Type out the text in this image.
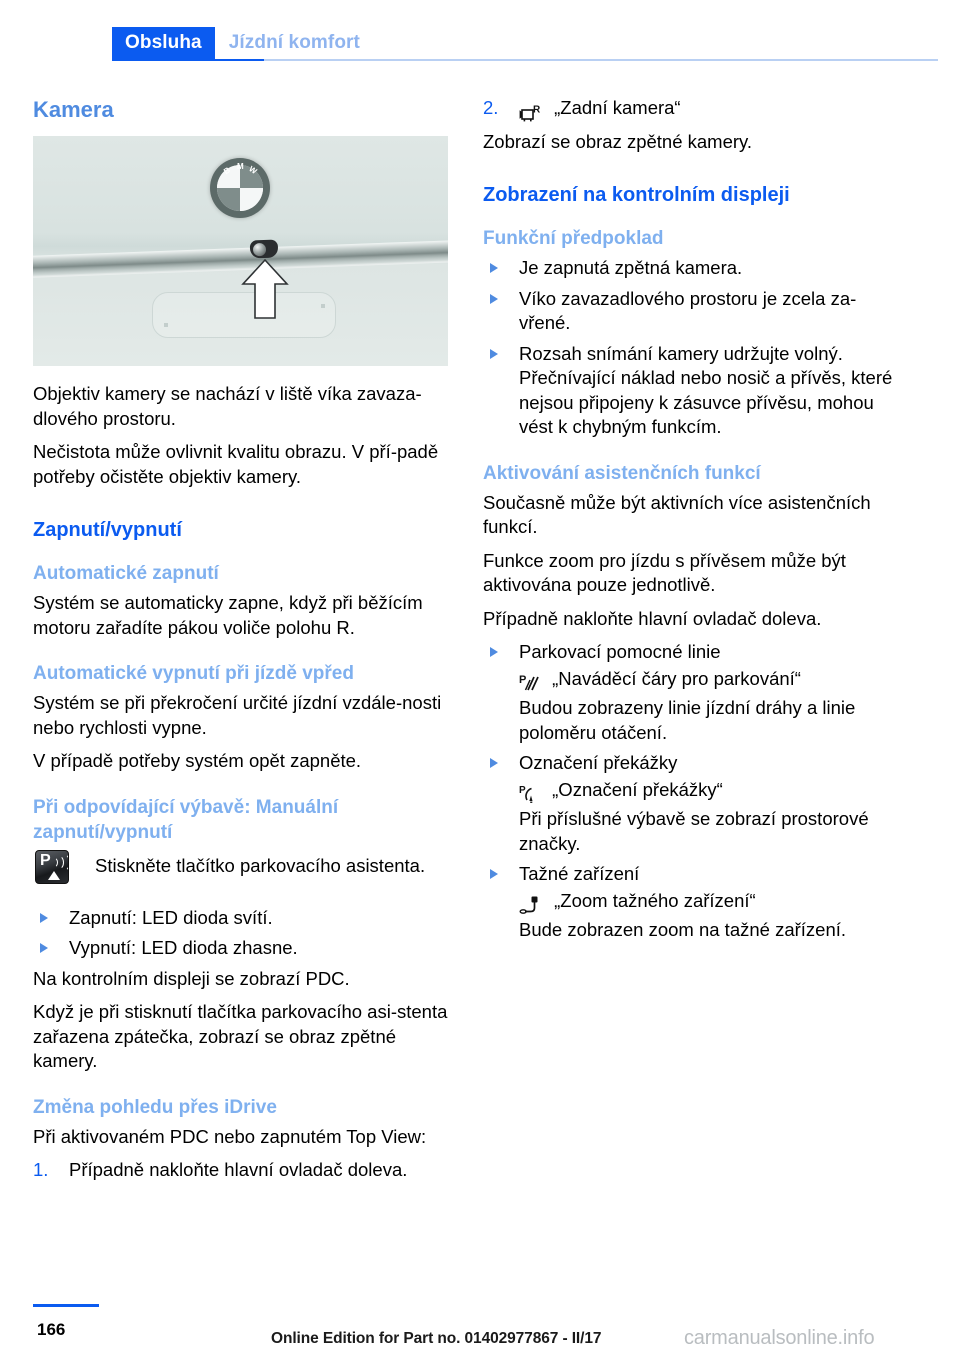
Obsluha	Jízdní komfort
Kamera
B M W

Objektiv kamery se nachází v liště víka zavaza-dlového prostoru.

Nečistota může ovlivnit kvalitu obrazu. V pří-padě potřeby očistěte objektiv kamery.

Zapnutí/vypnutí
Automatické zapnutí

Systém se automaticky zapne, když při běžícím motoru zařadíte pákou voliče polohu R.

Automatické vypnutí při jízdě vpřed

Systém se při překročení určité jízdní vzdále-nosti nebo rychlosti vypne.

V případě potřeby systém opět zapněte.

Při odpovídající výbavě: Manuální zapnutí/vypnutí
P Stiskněte tlačítko parkovacího asistenta.
Zapnutí: LED dioda svítí.
Vypnutí: LED dioda zhasne.

Na kontrolním displeji se zobrazí PDC.

Když je při stisknutí tlačítka parkovacího asi-stenta zařazena zpátečka, zobrazí se obraz zpětné kamery.

Změna pohledu přes iDrive

Při aktivovaném PDC nebo zapnutém Top View:

1. Případně nakloňte hlavní ovladač doleva.
2.	R „Zadní kamera“

Zobrazí se obraz zpětné kamery.

Zobrazení na kontrolním displeji
Funkční předpoklad
Je zapnutá zpětná kamera.
Víko zavazadlového prostoru je zcela za-vřené.
Rozsah snímání kamery udržujte volný. Přečnívající náklad nebo nosič a přívěs, které nejsou připojeny k zásuvce přívěsu, mohou vést k chybným funkcím.
Aktivování asistenčních funkcí

Současně může být aktivních více asistenčních funkcí.

Funkce zoom pro jízdu s přívěsem může být aktivována pouze jednotlivě.

Případně nakloňte hlavní ovladač doleva.

Parkovací pomocné linie
P „Naváděcí čáry pro parkování“
Budou zobrazeny linie jízdní dráhy a linie poloměru otáčení.
Označení překážky
P „Označení překážky“
Při příslušné výbavě se zobrazí prostorové značky.
Tažné zařízení
„Zoom tažného zařízení“
Bude zobrazen zoom na tažné zařízení.
166	Online Edition for Part no. 01402977867 - II/17	carmanualsonline.info
